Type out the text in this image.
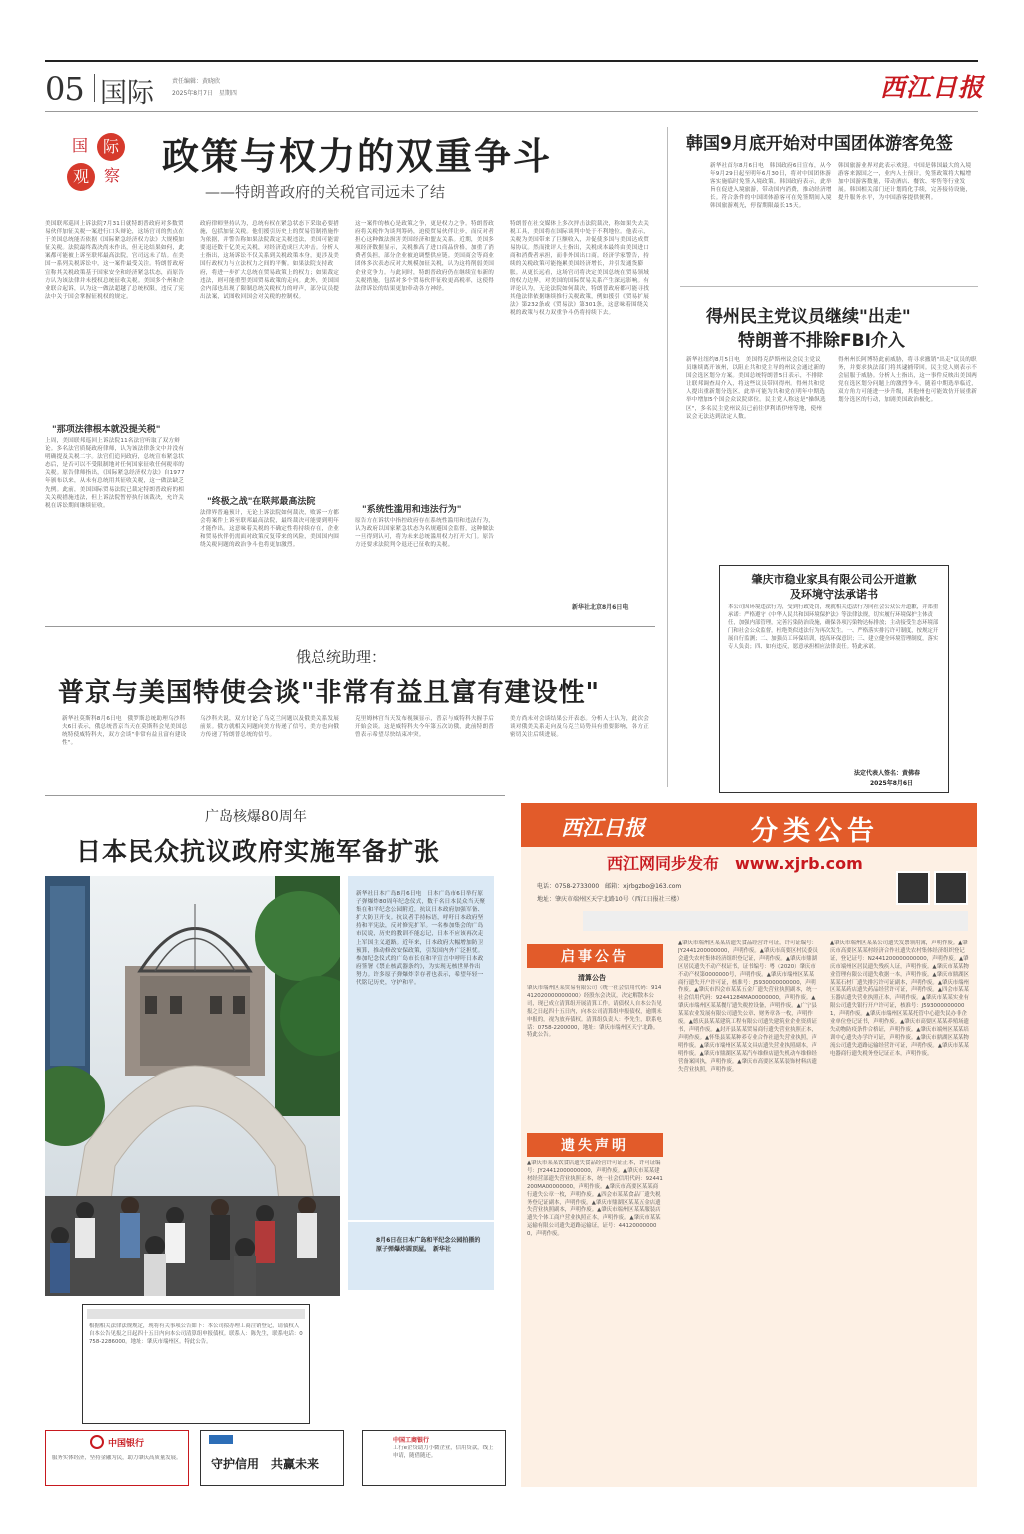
05 国际	责任编辑：黄晓欣
2025年8月7日　星期四	西江日报
国 际
观 察 政策与权力的双重争斗
——特朗普政府的关税官司远未了结
美国联邦巡回上诉法院7月31日就特朗普政府对多数贸易伙伴加征关税一案进行口头辩论，这场官司的焦点在于美国总统能否依据《国际紧急经济权力法》大规模加征关税。法院最终裁决尚未作出，但无论结果如何，此案都可能被上诉至联邦最高法院，官司远未了结。在美国一系列关税诉讼中，这一案件最受关注。特朗普政府宣称其关税政策基于国家安全和经济紧急状态，而原告方认为该法律并未授权总统征收关税。美国多个州和企业联合起诉，认为这一做法超越了总统权限，违反了宪法中关于国会掌握征税权的规定。
"那项法律根本就没提关税"
上周，美国联邦巡回上诉法院11名法官听取了双方辩论。多名法官质疑政府律师，认为该法律条文中并没有明确提及关税二字。法官们追问政府，总统宣布紧急状态后，是否可以不受限制地对任何国家征收任何税率的关税。原告律师指出，《国际紧急经济权力法》自1977年颁布以来，从未有总统用其征收关税，这一做法缺乏先例。此前，美国国际贸易法院已裁定特朗普政府的相关关税措施违法，但上诉法院暂停执行该裁决，允许关税在诉讼期间继续征收。
政府律师坚持认为，总统有权在紧急状态下采取必要措施，包括加征关税。他们援引历史上的贸易管制措施作为依据，并警告称如果法院裁定关税违法，美国可能需要退还数千亿美元关税，对经济造成巨大冲击。分析人士指出，这场诉讼不仅关系到关税政策本身，更涉及美国行政权力与立法权力之间的平衡。如果法院支持政府，将进一步扩大总统在贸易政策上的权力；如果裁定违法，则可能重塑美国贸易政策的走向。此外，美国国会内部也出现了限制总统关税权力的呼声，部分议员提出法案，试图收回国会对关税的控制权。
"终极之战"在联邦最高法院
法律界普遍预计，无论上诉法院如何裁决，败诉一方都会将案件上诉至联邦最高法院，最终裁决可能要到明年才能作出。这意味着关税的不确定性将持续存在，企业和贸易伙伴仍需面对政策反复带来的风险，美国国内围绕关税问题的政治争斗也将更加激烈。
这一案件的核心是政策之争，更是权力之争。特朗普政府将关税作为谈判筹码，迫使贸易伙伴让步，而反对者担心这种做法损害美国经济和盟友关系。近期，美国多项经济数据显示，关税推高了进口商品价格，加重了消费者负担，部分企业被迫调整供应链。美国商会等商业团体多次表态反对大规模加征关税，认为这将削弱美国企业竞争力。与此同时，特朗普政府仍在继续宣布新的关税措施，包括对多个贸易伙伴征收更高税率，这使得法律诉讼的结果更加牵动各方神经。
"系统性滥用和违法行为"
原告方在诉状中指控政府存在系统性滥用和违法行为，认为政府以国家紧急状态为名规避国会监督，这种做法一旦得到认可，将为未来总统滥用权力打开大门。原告方还要求法院判令退还已征收的关税。
特朗普在社交媒体上多次抨击法院裁决，称如果失去关税工具，美国将在国际谈判中处于不利地位。他表示，关税为美国带来了巨额收入，并促使多国与美国达成贸易协议。然而批评人士指出，关税成本最终由美国进口商和消费者承担，而非外国出口商。经济学家警告，持续的关税政策可能拖累美国经济增长，并引发通货膨胀。从更长远看，这场官司将决定美国总统在贸易领域的权力边界，对美国的国际贸易关系产生深远影响。有评论认为，无论法院如何裁决，特朗普政府都可能寻找其他法律依据继续推行关税政策，例如援引《贸易扩展法》第232条或《贸易法》第301条，这意味着围绕关税的政策与权力双重争斗仍将持续下去。
新华社北京8月6日电
韩国9月底开始对中国团体游客免签
新华社首尔8月6日电　韩国政府6日宣布，从今年9月29日起至明年6月30日，将对中国团体游客实施临时免签入境政策。韩国政府表示，此举旨在促进入境旅游，带动国内消费，推动经济增长。符合条件的中国团体游客可在免签期间入境韩国旅游观光，停留期限最长15天。
韩国旅游业界对此表示欢迎。中国是韩国最大的入境游客来源国之一，业内人士预计，免签政策将大幅增加中国游客数量，带动酒店、餐饮、零售等行业发展。韩国相关部门还计划简化手续，完善接待设施，提升服务水平，为中国游客提供便利。
得州民主党议员继续"出走"
特朗普不排除FBI介入
新华社纽约8月5日电　美国得克萨斯州议会民主党议员继续离开该州，以阻止共和党主导的州议会通过新的国会选区划分方案。美国总统特朗普5日表示，不排除让联邦调查局介入，将这些议员带回得州。得州共和党人提出重新划分选区，此举可能为共和党在明年中期选举中增加5个国会众议院席位。民主党人称这是"操纵选区"，多名民主党州议员已前往伊利诺伊州等地，使州议会无法达到法定人数。
得州州长阿博特此前威胁，将寻求撤销"出走"议员的职务，并要求执法部门将其逮捕带回。民主党人则表示不会屈服于威胁。分析人士指出，这一事件反映出美国两党在选区划分问题上的激烈争斗，随着中期选举临近，双方角力可能进一步升级，其他州也可能效仿开展重新划分选区的行动，加剧美国政治极化。
肇庆市稳业家具有限公司公开道歉
及环境守法承诺书
本公司因环境违法行为，受到行政处罚，现就相关违法行为向社会公众公开道歉，并郑重承诺：严格遵守《中华人民共和国环境保护法》等法律法规，切实履行环境保护主体责任，加强内部管理，完善污染防治设施，确保各项污染物达标排放；主动接受生态环境部门和社会公众监督，杜绝类似违法行为再次发生。一、严格落实排污许可制度，按规定开展自行监测；二、加强员工环保培训，提高环保意识；三、建立健全环境管理制度，落实专人负责；四、如有违反，愿意承担相应法律责任。特此承诺。
法定代表人签名：黄佛春
2025年8月6日
俄总统助理：
普京与美国特使会谈"非常有益且富有建设性"
新华社莫斯科8月6日电　俄罗斯总统助理乌沙科夫6日表示，俄总统普京当天在莫斯科会见美国总统特使威特科夫，双方会谈"非常有益且富有建设性"。
乌沙科夫说，双方讨论了乌克兰问题以及俄美关系发展前景。俄方就相关问题向美方传递了信号，美方也向俄方传递了特朗普总统的信号。
克里姆林宫当天发布视频显示，普京与威特科夫握手后开始会谈。这是威特科夫今年第五次访俄，此前特朗普曾表示希望尽快结束冲突。
美方尚未对会谈结果公开表态。分析人士认为，此次会谈对俄美关系走向及乌克兰局势具有重要影响，各方正密切关注后续进展。
广岛核爆80周年
日本民众抗议政府实施军备扩张
新华社日本广岛8月6日电　日本广岛市6日举行原子弹爆炸80周年纪念仪式，数千名日本民众当天聚集在和平纪念公园附近，抗议日本政府加强军备、扩大防卫开支。抗议者手持标语，呼吁日本政府坚持和平宪法，反对修宪扩军。一名参加集会的广岛市民说，历史的教训不能忘记，日本不应该再次走上军国主义道路。近年来，日本政府大幅增加防卫预算，推动修改安保政策，引发国内外广泛担忧。参加纪念仪式的广岛市长在和平宣言中呼吁日本政府签署《禁止核武器条约》，为实现无核世界作出努力。许多原子弹爆炸幸存者也表示，希望年轻一代铭记历史，守护和平。
8月6日在日本广岛和平纪念公园拍摄的原子弹爆炸圆顶屋。　新华社
根据相关法律法规规定，现将有关事项公告如下：本公司拟办理工商注销登记，请债权人自本公告见报之日起四十五日内向本公司清算组申报债权。联系人：陈先生，联系电话：0758-2286000。地址：肇庆市端州区。特此公告。
西江日报	分类公告
西江网同步发布　www.xjrb.com
电话：0758-2733000　邮箱：xjrbgzbo@163.com
地址：肇庆市端州区天宁北路10号（西江日报社三楼）
启事公告
清算公告
肇庆市端州区某贸易有限公司（统一社会信用代码：914412020000000000）经股东会决议，决定解散本公司，现已成立清算组开展清算工作。请债权人自本公告见报之日起四十五日内，向本公司清算组申报债权，逾期未申报的，视为放弃债权。清算组负责人：李先生，联系电话：0758-2200000，地址：肇庆市端州区天宁北路。特此公告。
遗失声明
▲肇庆市某某饮食店遗失食品经营许可证正本，许可证编号：JY24412000000000，声明作废。▲肇庆市某某建材经营部遗失营业执照正本，统一社会信用代码：92441200MA00000000，声明作废。▲肇庆市高要区某某商行遗失公章一枚，声明作废。▲四会市某某食品厂遗失税务登记证副本，声明作废。▲肇庆市鼎湖区某某五金店遗失营业执照副本，声明作废。▲肇庆市端州区某某服装店遗失个体工商户营业执照正本，声明作废。▲肇庆市某某运输有限公司遗失道路运输证，证号：441200000000，声明作废。
▲肇庆市端州区某某店遗失食品经营许可证，许可证编号：JY2441200000000，声明作废。▲肇庆市高要区村民委员会遗失农村集体经济组织登记证，声明作废。▲肇庆市鼎湖区居民遗失不动产权证书，证书编号：粤（2020）肇庆市不动产权第0000000号，声明作废。▲肇庆市端州区某某商行遗失开户许可证，核准号：J5930000000000，声明作废。▲肇庆市四会市某某五金厂遗失营业执照副本，统一社会信用代码：92441284MA00000000，声明作废。▲肇庆市端州区某某餐厅遗失税控设备，声明作废。▲广宁县某某农业发展有限公司遗失公章、财务章各一枚，声明作废。▲德庆县某某建筑工程有限公司遗失建筑业企业资质证书，声明作废。▲封开县某某贸易商行遗失营业执照正本，声明作废。▲怀集县某某种养专业合作社遗失营业执照，声明作废。▲肇庆市端州区某某文具店遗失营业执照副本，声明作废。▲肇庆市鼎湖区某某汽车维修店遗失机动车维修经营备案回执，声明作废。▲肇庆市高要区某某装饰材料店遗失营业执照，声明作废。
▲肇庆市端州区某某公司遗失发票领用簿，声明作废。▲肇庆市高要区某某村经济合作社遗失农村集体经济组织登记证，登记证号：N2441200000000000，声明作废。▲肇庆市端州区居民遗失残疾人证，声明作废。▲肇庆市某某物业管理有限公司遗失收据一本，声明作废。▲肇庆市鼎湖区某某石材厂遗失排污许可证副本，声明作废。▲肇庆市端州区某某药店遗失药品经营许可证，声明作废。▲四会市某某玉器店遗失营业执照正本，声明作废。▲肇庆市某某实业有限公司遗失银行开户许可证，核准号：J5930000000001，声明作废。▲肇庆市端州区某某托管中心遗失民办非企业单位登记证书，声明作废。▲肇庆市高要区某某养殖场遗失动物防疫条件合格证，声明作废。▲肇庆市端州区某某培训中心遗失办学许可证，声明作废。▲肇庆市鼎湖区某某物流公司遗失道路运输经营许可证，声明作废。▲肇庆市某某电器商行遗失税务登记证正本，声明作废。
中国银行
服务实体经济，坚持金融为民，助力肇庆高质量发展。 守护信用　共赢未来
中国工商银行
工行e企贷助力小微企业，信用贷款，线上申请，随借随还。
